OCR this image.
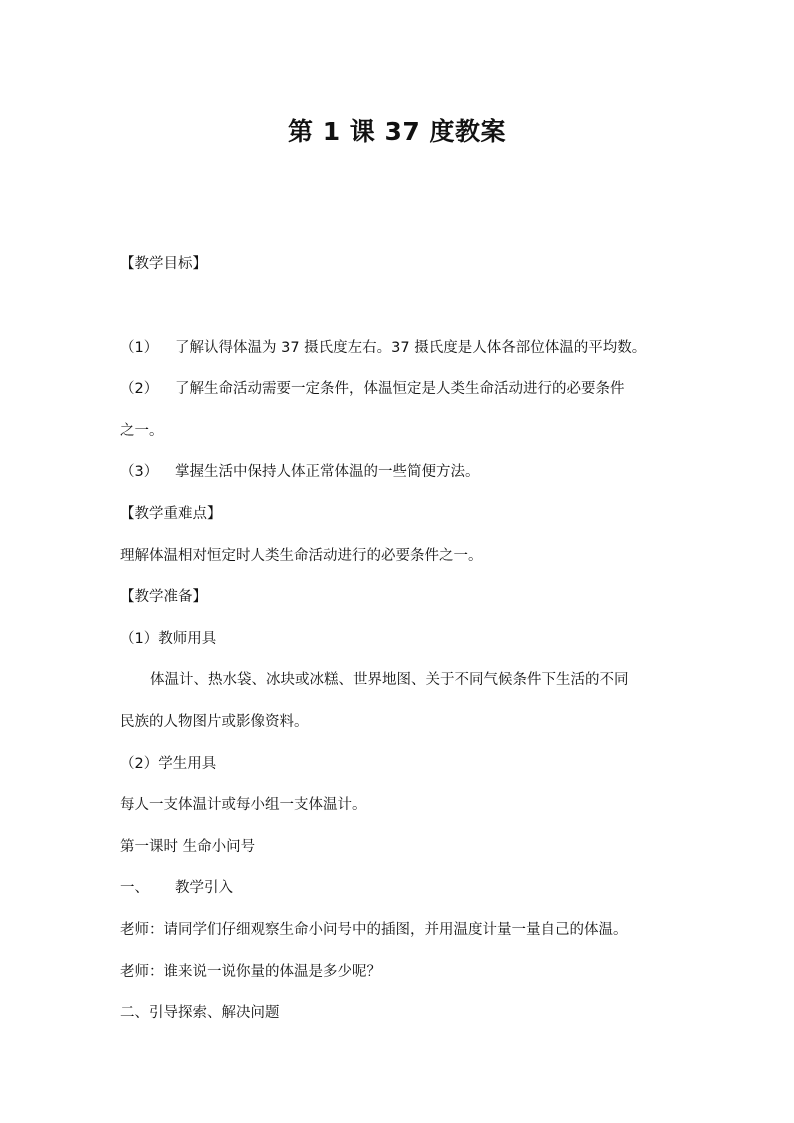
第 1 课 37 度教案
【教学目标】
（1） 了解认得体温为 37 摄氏度左右。37 摄氏度是人体各部位体温的平均数。
（2） 了解生命活动需要一定条件，体温恒定是人类生命活动进行的必要条件
之一。
（3） 掌握生活中保持人体正常体温的一些简便方法。
【教学重难点】
理解体温相对恒定时人类生命活动进行的必要条件之一。
【教学准备】
（1）教师用具
体温计、热水袋、冰块或冰糕、世界地图、关于不同气候条件下生活的不同
民族的人物图片或影像资料。
（2）学生用具
每人一支体温计或每小组一支体温计。
第一课时 生命小问号
一、 教学引入
老师：请同学们仔细观察生命小问号中的插图，并用温度计量一量自己的体温。
老师：谁来说一说你量的体温是多少呢？
二、引导探索、解决问题
